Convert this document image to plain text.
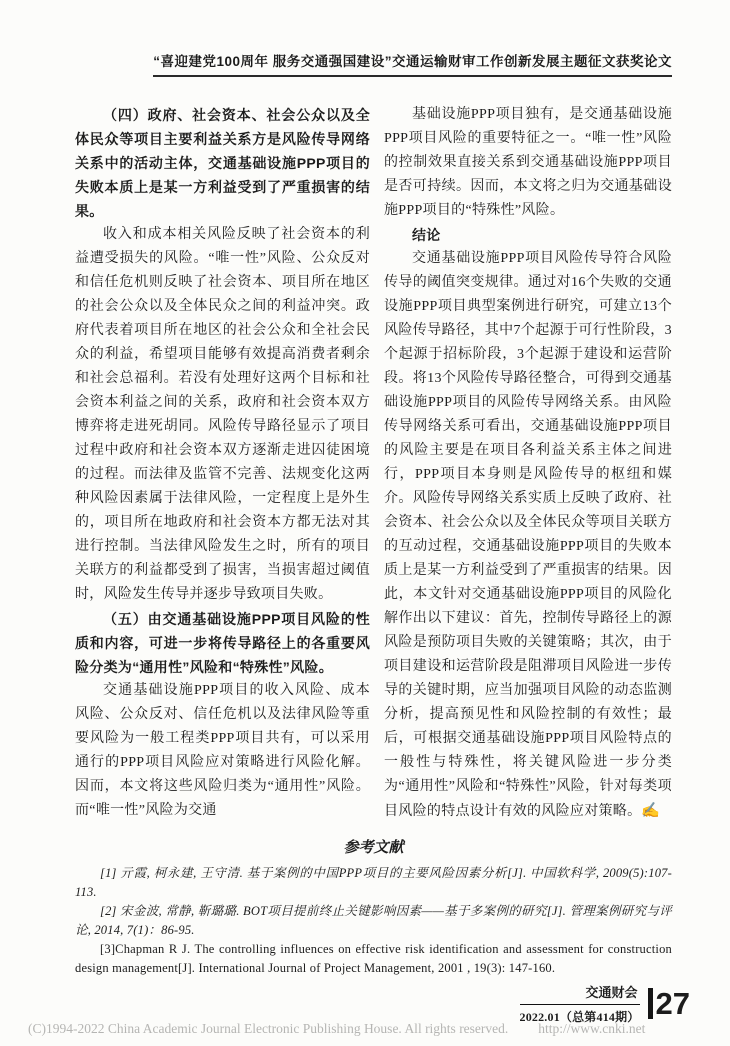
“喜迎建党100周年 服务交通强国建设”交通运输财审工作创新发展主题征文获奖论文

（四）政府、社会资本、社会公众以及全体民众等项目主要利益关系方是风险传导网络关系中的活动主体，交通基础设施PPP项目的失败本质上是某一方利益受到了严重损害的结果。

收入和成本相关风险反映了社会资本的利益遭受损失的风险。“唯一性”风险、公众反对和信任危机则反映了社会资本、项目所在地区的社会公众以及全体民众之间的利益冲突。政府代表着项目所在地区的社会公众和全社会民众的利益，希望项目能够有效提高消费者剩余和社会总福利。若没有处理好这两个目标和社会资本利益之间的关系，政府和社会资本双方博弈将走进死胡同。风险传导路径显示了项目过程中政府和社会资本双方逐渐走进囚徒困境的过程。而法律及监管不完善、法规变化这两种风险因素属于法律风险，一定程度上是外生的，项目所在地政府和社会资本方都无法对其进行控制。当法律风险发生之时，所有的项目关联方的利益都受到了损害，当损害超过阈值时，风险发生传导并逐步导致项目失败。

（五）由交通基础设施PPP项目风险的性质和内容，可进一步将传导路径上的各重要风险分类为“通用性”风险和“特殊性”风险。

交通基础设施PPP项目的收入风险、成本风险、公众反对、信任危机以及法律风险等重要风险为一般工程类PPP项目共有，可以采用通行的PPP项目风险应对策略进行风险化解。因而，本文将这些风险归类为“通用性”风险。而“唯一性”风险为交通

基础设施PPP项目独有，是交通基础设施PPP项目风险的重要特征之一。“唯一性”风险的控制效果直接关系到交通基础设施PPP项目是否可持续。因而，本文将之归为交通基础设施PPP项目的“特殊性”风险。

结论

交通基础设施PPP项目风险传导符合风险传导的阈值突变规律。通过对16个失败的交通设施PPP项目典型案例进行研究，可建立13个风险传导路径，其中7个起源于可行性阶段，3个起源于招标阶段，3个起源于建设和运营阶段。将13个风险传导路径整合，可得到交通基础设施PPP项目的风险传导网络关系。由风险传导网络关系可看出，交通基础设施PPP项目的风险主要是在项目各利益关系主体之间进行，PPP项目本身则是风险传导的枢纽和媒介。风险传导网络关系实质上反映了政府、社会资本、社会公众以及全体民众等项目关联方的互动过程，交通基础设施PPP项目的失败本质上是某一方利益受到了严重损害的结果。因此，本文针对交通基础设施PPP项目的风险化解作出以下建议：首先，控制传导路径上的源风险是预防项目失败的关键策略；其次，由于项目建设和运营阶段是阻滞项目风险进一步传导的关键时期，应当加强项目风险的动态监测分析，提高预见性和风险控制的有效性；最后，可根据交通基础设施PPP项目风险特点的一般性与特殊性，将关键风险进一步分类为“通用性”风险和“特殊性”风险，针对每类项目风险的特点设计有效的风险应对策略。✍

参考文献

[1] 亓霞, 柯永建, 王守清. 基于案例的中国PPP项目的主要风险因素分析[J]. 中国软科学, 2009(5):107-113.

[2] 宋金波, 常静, 靳璐璐. BOT项目提前终止关键影响因素——基于多案例的研究[J]. 管理案例研究与评论, 2014, 7(1)：86-95.

[3]Chapman R J. The controlling influences on effective risk identification and assessment for construction design management[J]. International Journal of Project Management, 2001 , 19(3): 147-160.

交通财会
2022.01（总第414期） 27
(C)1994-2022 China Academic Journal Electronic Publishing House. All rights reserved. http://www.cnki.net
